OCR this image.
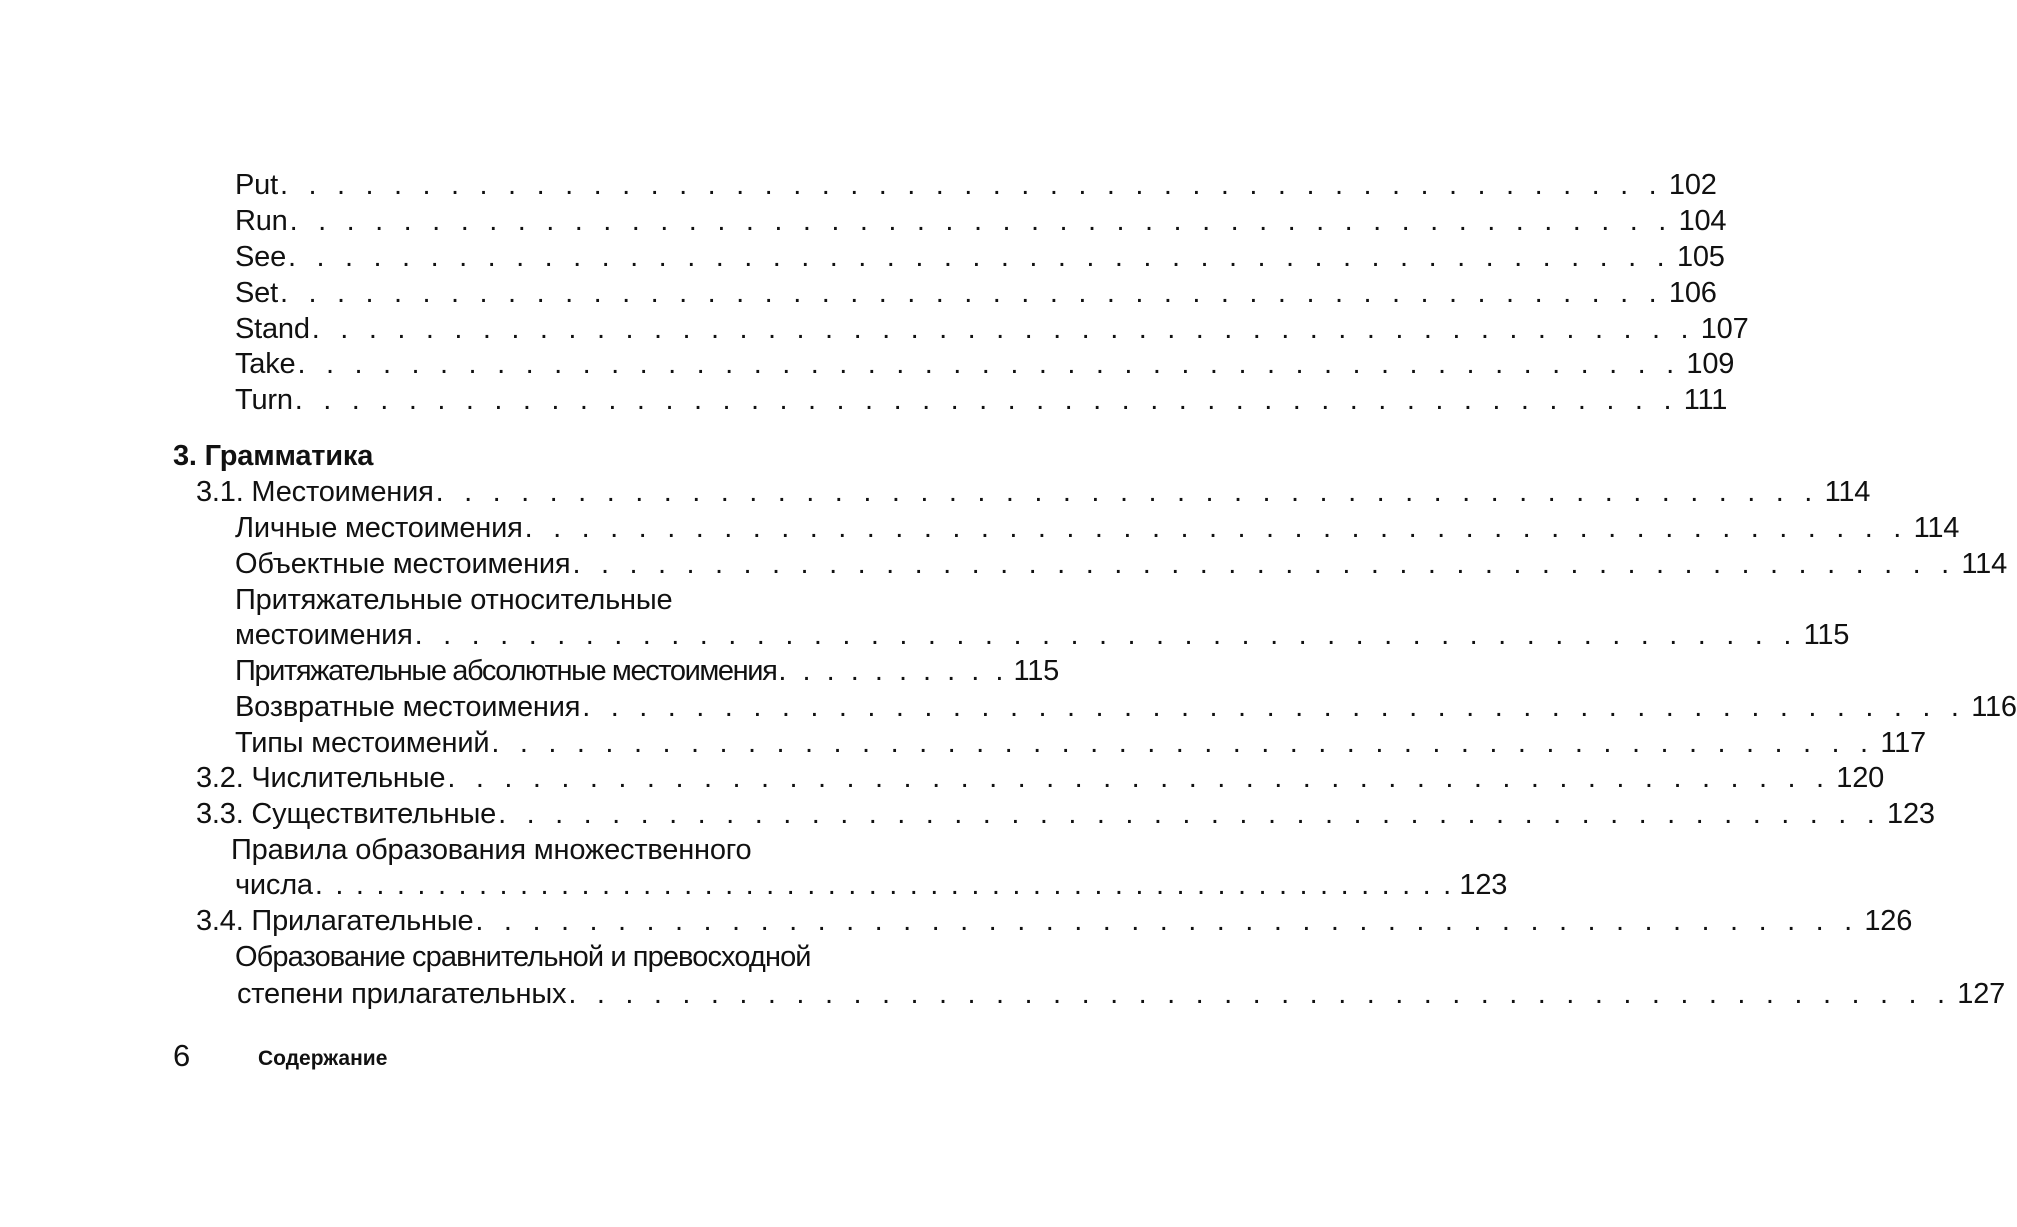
Put . . . . . . . . . . . . . . . . . . . . . . . . . . . . . . . . . . . . . . . . . . . . . . . . . 102
Run . . . . . . . . . . . . . . . . . . . . . . . . . . . . . . . . . . . . . . . . . . . . . . . . . 104
See . . . . . . . . . . . . . . . . . . . . . . . . . . . . . . . . . . . . . . . . . . . . . . . . . 105
Set . . . . . . . . . . . . . . . . . . . . . . . . . . . . . . . . . . . . . . . . . . . . . . . . . 106
Stand . . . . . . . . . . . . . . . . . . . . . . . . . . . . . . . . . . . . . . . . . . . . . . . . . 107
Take . . . . . . . . . . . . . . . . . . . . . . . . . . . . . . . . . . . . . . . . . . . . . . . . . 109
Turn . . . . . . . . . . . . . . . . . . . . . . . . . . . . . . . . . . . . . . . . . . . . . . . . . 111
3. Грамматика
3.1. Местоимения . . . . . . . . . . . . . . . . . . . . . . . . . . . . . . . . . . . . . . . . . . . . . . . . . 114
Личные местоимения . . . . . . . . . . . . . . . . . . . . . . . . . . . . . . . . . . . . . . . . . . . . . . . . . 114
Объектные местоимения . . . . . . . . . . . . . . . . . . . . . . . . . . . . . . . . . . . . . . . . . . . . . . . . . 114
Притяжательные относительные
местоимения . . . . . . . . . . . . . . . . . . . . . . . . . . . . . . . . . . . . . . . . . . . . . . . . . 115
Притяжательные абсолютные местоимения . . . . . . . . . . 115
Возвратные местоимения . . . . . . . . . . . . . . . . . . . . . . . . . . . . . . . . . . . . . . . . . . . . . . . . . 116
Типы местоимений . . . . . . . . . . . . . . . . . . . . . . . . . . . . . . . . . . . . . . . . . . . . . . . . . 117
3.2. Числительные . . . . . . . . . . . . . . . . . . . . . . . . . . . . . . . . . . . . . . . . . . . . . . . . . 120
3.3. Существительные . . . . . . . . . . . . . . . . . . . . . . . . . . . . . . . . . . . . . . . . . . . . . . . . . 123
Правила образования множественного
числа . . . . . . . . . . . . . . . . . . . . . . . . . . . . . . . . . . . . . . . . . . . . . . . . . . . . . . . . 123
3.4. Прилагательные . . . . . . . . . . . . . . . . . . . . . . . . . . . . . . . . . . . . . . . . . . . . . . . . . 126
Образование сравнительной и превосходной
степени прилагательных . . . . . . . . . . . . . . . . . . . . . . . . . . . . . . . . . . . . . . . . . . . . . . . . . 127
6	Содержание
